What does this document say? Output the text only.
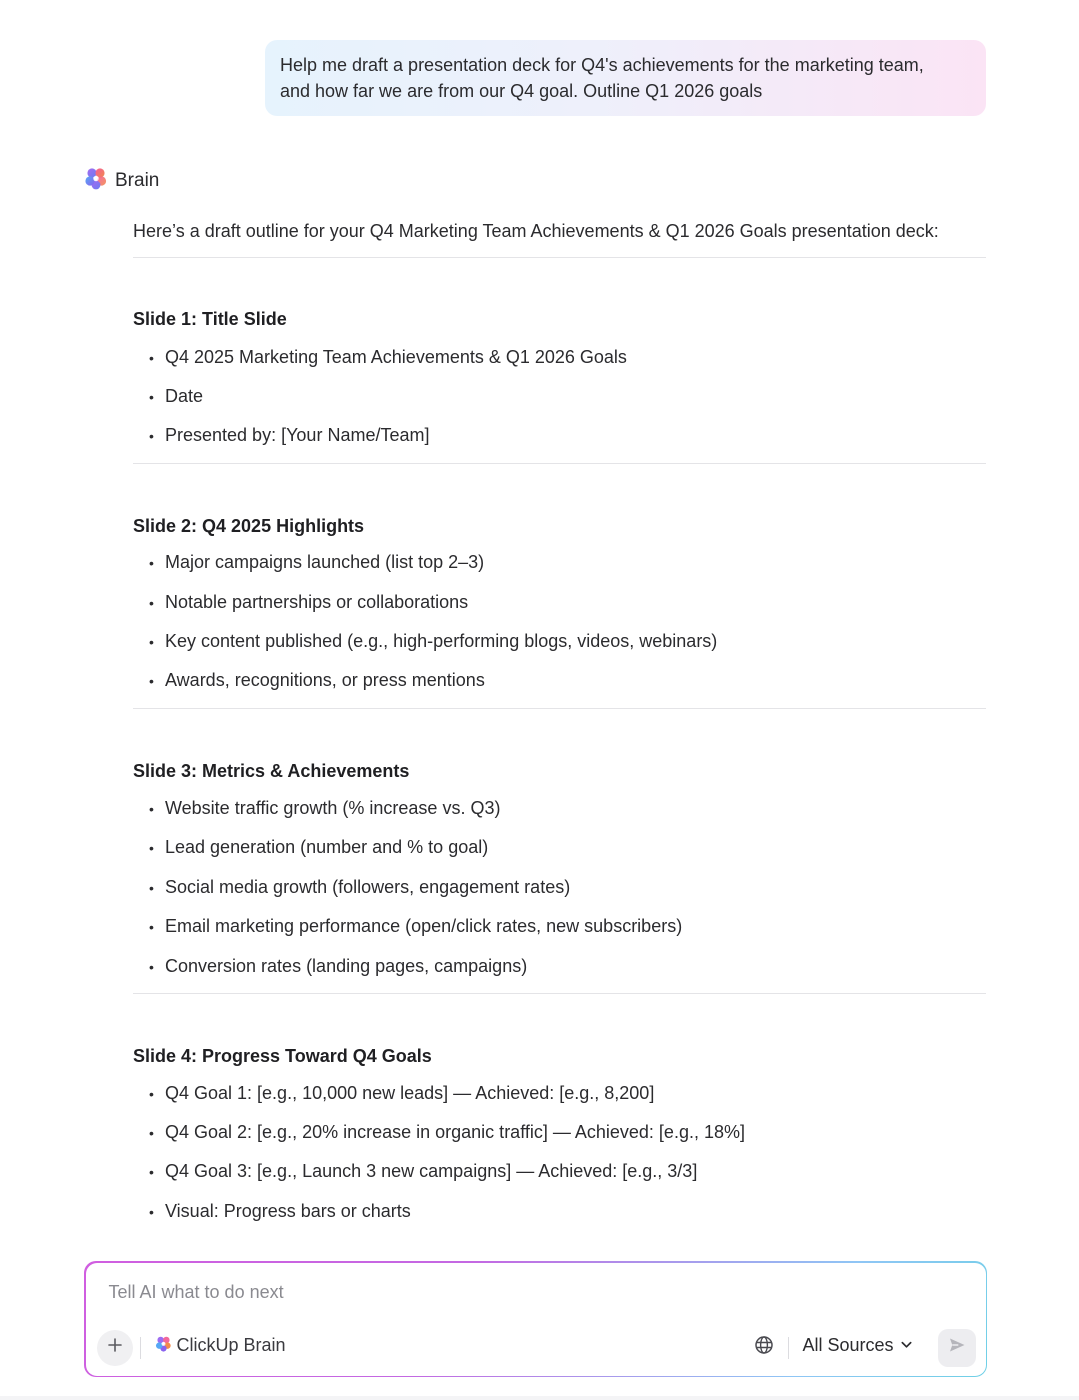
Help me draft a presentation deck for Q4's achievements for the marketing team,
and how far we are from our Q4 goal. Outline Q1 2026 goals
Brain
Here’s a draft outline for your Q4 Marketing Team Achievements & Q1 2026 Goals presentation deck:
Slide 1: Title Slide
• Q4 2025 Marketing Team Achievements & Q1 2026 Goals
• Date
• Presented by: [Your Name/Team]
Slide 2: Q4 2025 Highlights
• Major campaigns launched (list top 2–3)
• Notable partnerships or collaborations
• Key content published (e.g., high-performing blogs, videos, webinars)
• Awards, recognitions, or press mentions
Slide 3: Metrics & Achievements
• Website traffic growth (% increase vs. Q3)
• Lead generation (number and % to goal)
• Social media growth (followers, engagement rates)
• Email marketing performance (open/click rates, new subscribers)
• Conversion rates (landing pages, campaigns)
Slide 4: Progress Toward Q4 Goals
• Q4 Goal 1: [e.g., 10,000 new leads] — Achieved: [e.g., 8,200]
• Q4 Goal 2: [e.g., 20% increase in organic traffic] — Achieved: [e.g., 18%]
• Q4 Goal 3: [e.g., Launch 3 new campaigns] — Achieved: [e.g., 3/3]
• Visual: Progress bars or charts
Tell AI what to do next
ClickUp Brain	All Sources
